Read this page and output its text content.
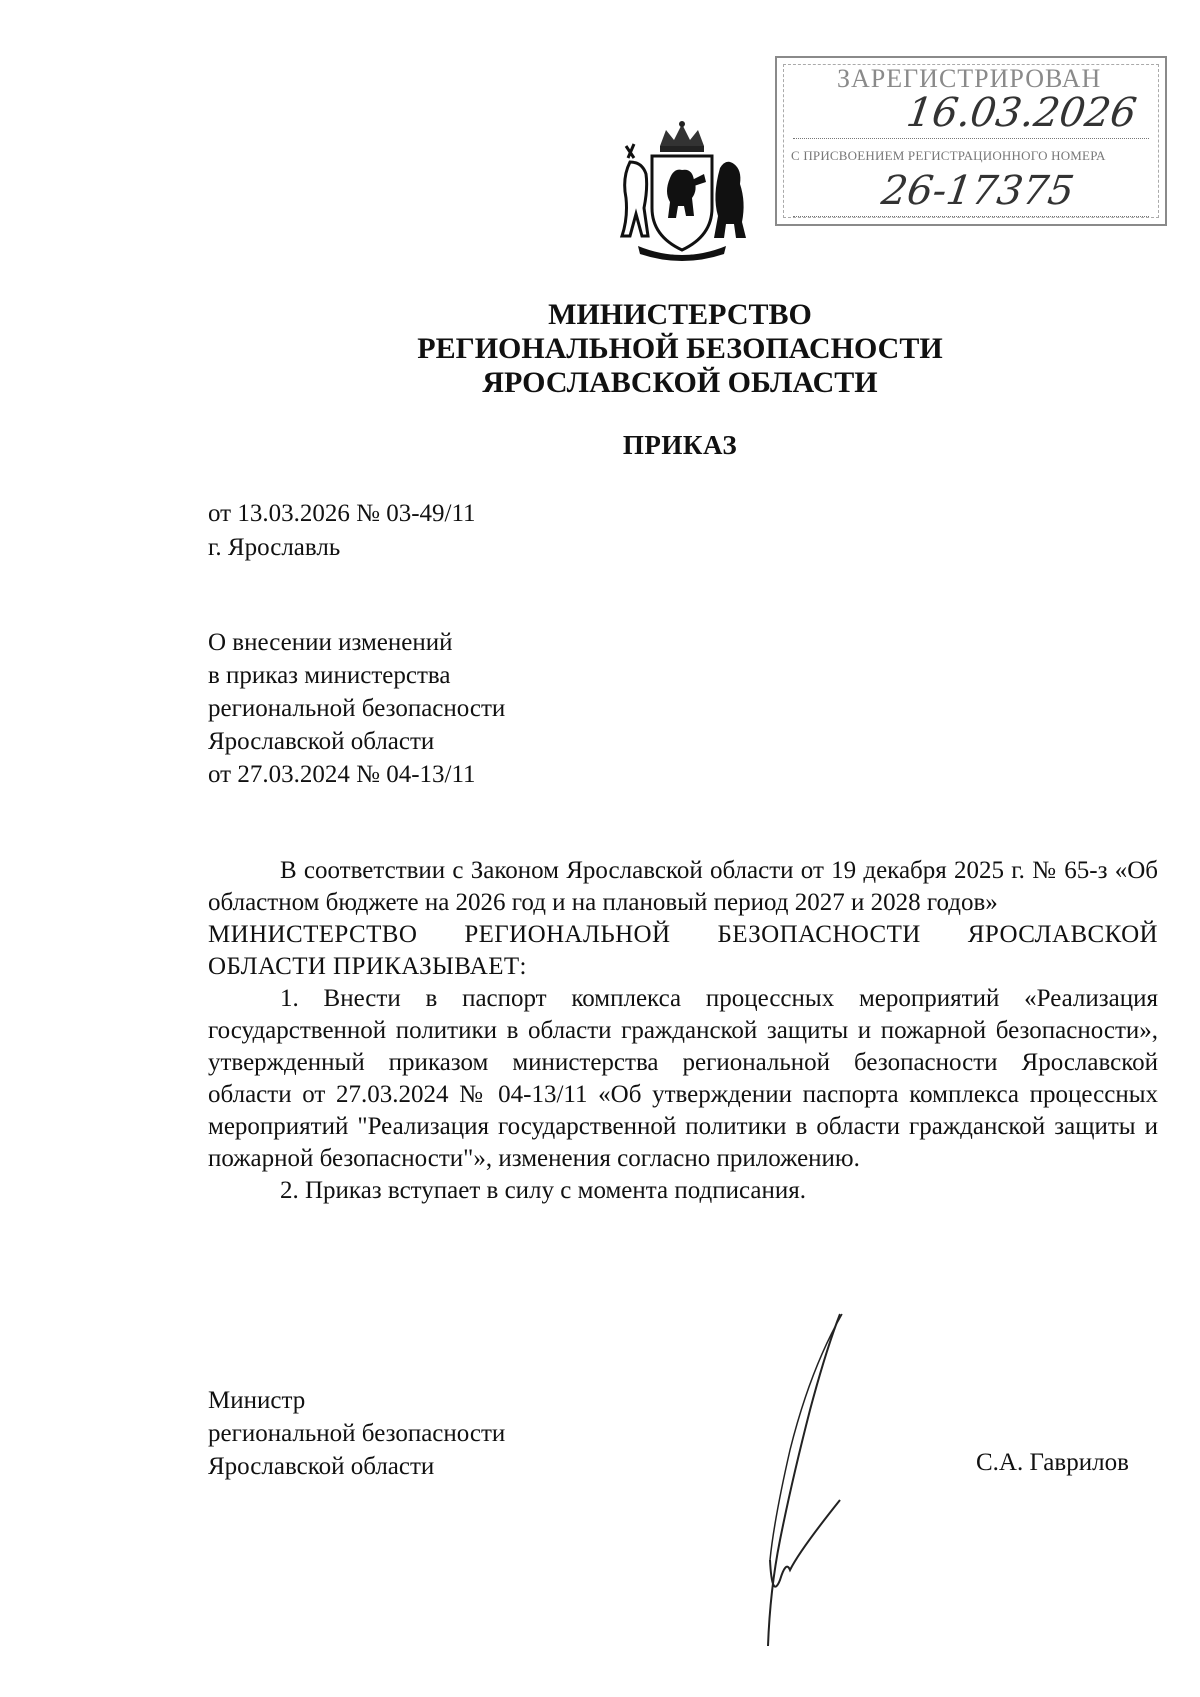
ЗАРЕГИСТРИРОВАН
16.03.2026
С ПРИСВОЕНИЕМ РЕГИСТРАЦИОННОГО НОМЕРА
26-17375
МИНИСТЕРСТВО
РЕГИОНАЛЬНОЙ БЕЗОПАСНОСТИ
ЯРОСЛАВСКОЙ ОБЛАСТИ
ПРИКАЗ
от 13.03.2026 № 03-49/11
г. Ярославль
О внесении изменений
в приказ министерства
региональной безопасности
Ярославской области
от 27.03.2024 № 04-13/11

В соответствии с Законом Ярославской области от 19 декабря 2025 г. № 65-з «Об областном бюджете на 2026 год и на плановый период 2027 и 2028 годов»

МИНИСТЕРСТВО РЕГИОНАЛЬНОЙ БЕЗОПАСНОСТИ ЯРОСЛАВСКОЙ ОБЛАСТИ ПРИКАЗЫВАЕТ:

1. Внести в паспорт комплекса процессных мероприятий «Реализация государственной политики в области гражданской защиты и пожарной безопасности», утвержденный приказом министерства региональной безопасности Ярославской области от 27.03.2024 № 04-13/11 «Об утверждении паспорта комплекса процессных мероприятий "Реализация государственной политики в области гражданской защиты и пожарной безопасности"», изменения согласно приложению.

2. Приказ вступает в силу с момента подписания.

Министр
региональной безопасности
Ярославской области	С.А. Гаврилов
